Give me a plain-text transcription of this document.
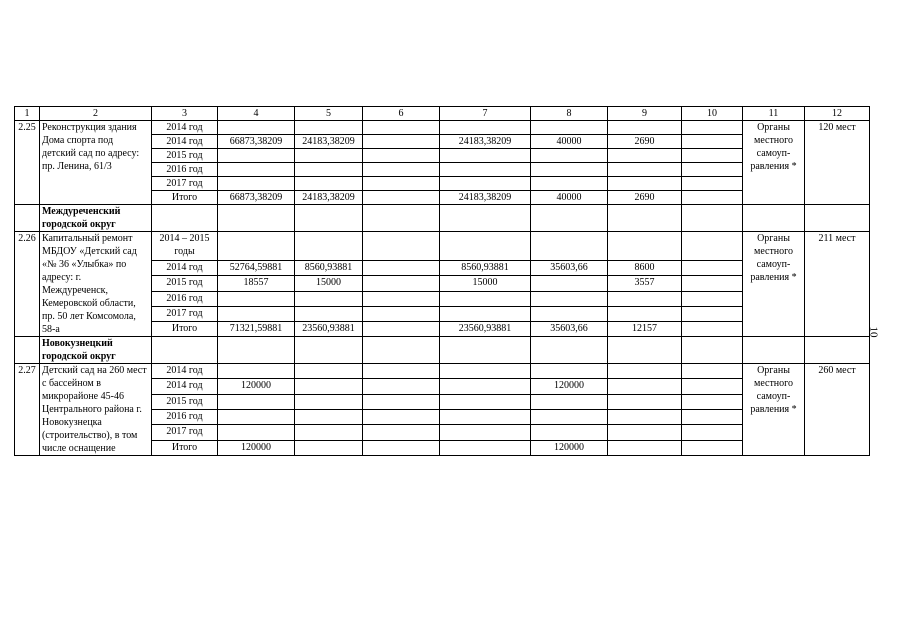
1	2	3	4	5	6	7	8	9	10	11	12
2.25	Реконструкция здания Дома спорта под детский сад по адресу: пр. Ленина, 61/3	2014 год								Органы местного самоуп-равления *	120 мест
		2014 год	66873,38209	24183,38209		24183,38209	40000	2690			
		2015 год									
		2016 год									
		2017 год									
		Итого	66873,38209	24183,38209		24183,38209	40000	2690			
	Междуреченский городской округ										
2.26	Капитальный ремонт МБДОУ «Детский сад «№ 36 «Улыбка» по адресу: г. Междуреченск, Кемеровской области, пр. 50 лет Комсомола, 58-а	2014 – 2015 годы								Органы местного самоуп-равления *	211 мест
		2014 год	52764,59881	8560,93881		8560,93881	35603,66	8600			
		2015 год	18557	15000		15000		3557			
		2016 год									
		2017 год									
		Итого	71321,59881	23560,93881		23560,93881	35603,66	12157			
	Новокузнецкий городской округ										
2.27	Детский сад на 260 мест с бассейном в микрорайоне 45-46 Центрального района г. Новокузнецка (строительство), в том числе оснащение	2014 год								Органы местного самоуп-равления *	260 мест
		2014 год	120000				120000				
		2015 год									
		2016 год									
		2017 год									
		Итого	120000				120000				
10
